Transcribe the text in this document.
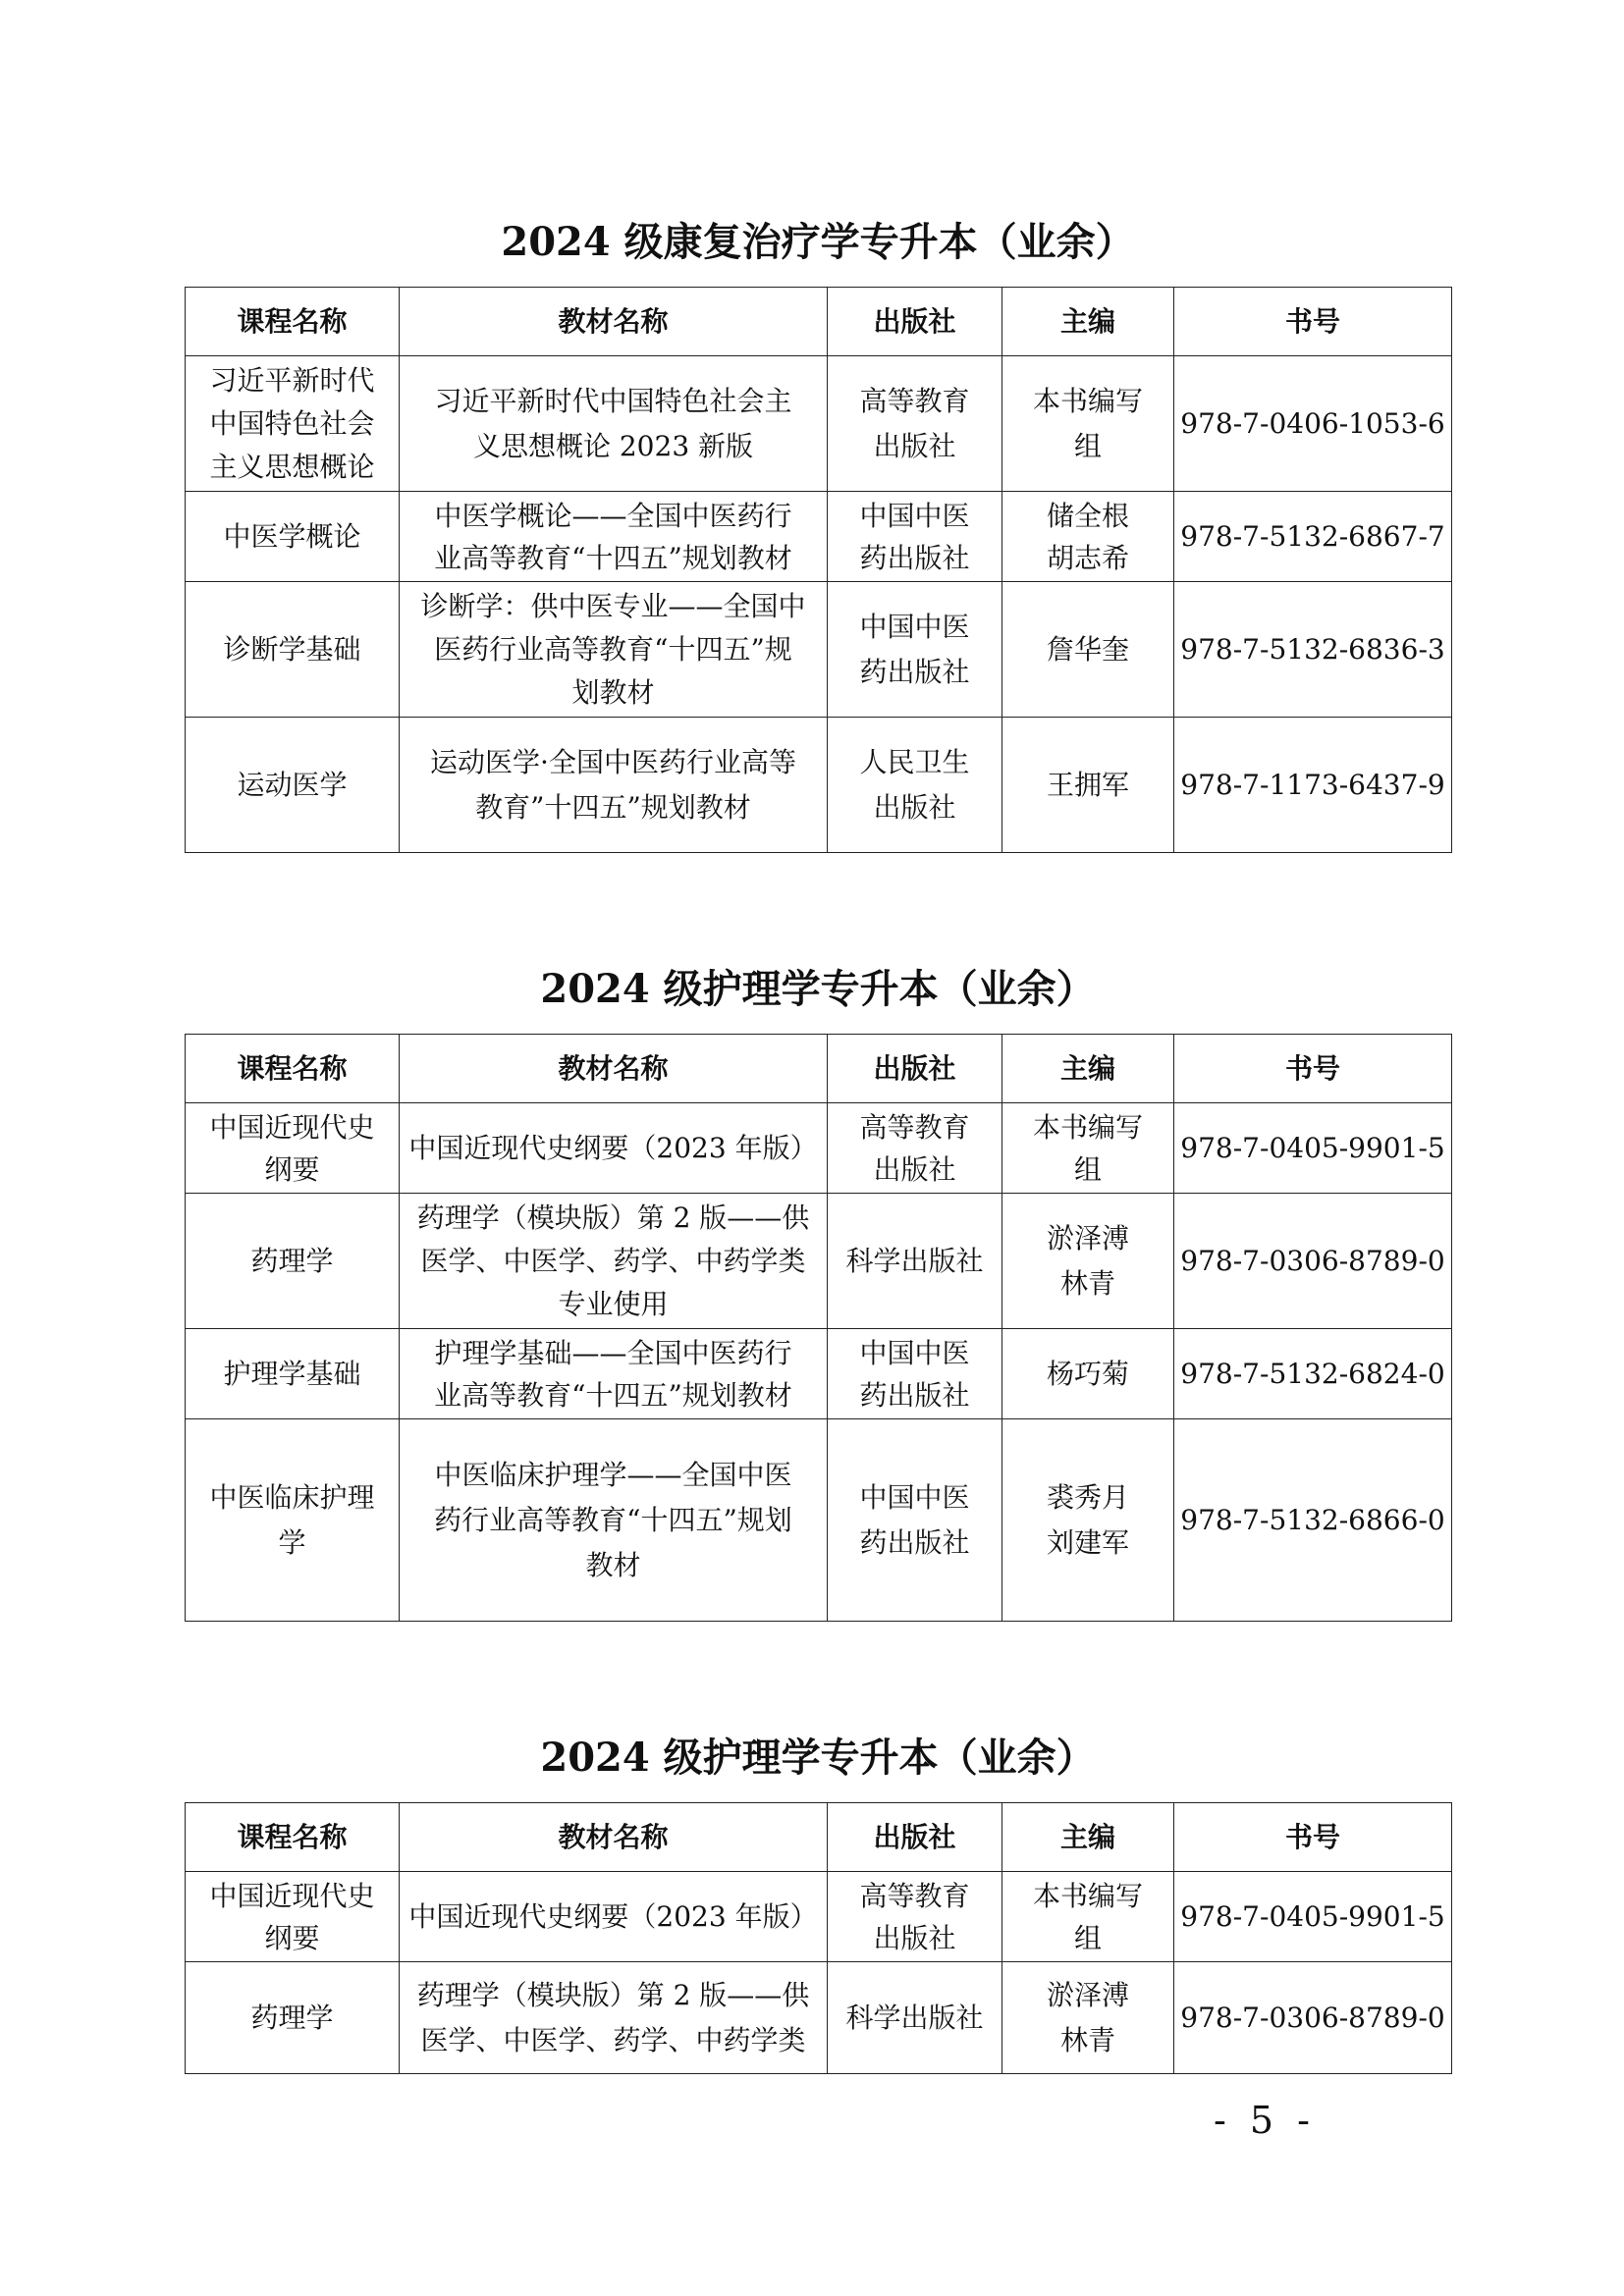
2024 级康复治疗学专升本（业余）
课程名称	教材名称	出版社	主编	书号

习近平新时代
中国特色社会
主义思想概论	习近平新时代中国特色社会主
义思想概论 2023 新版	高等教育
出版社	本书编写
组	978-7-0406-1053-6

中医学概论	中医学概论——全国中医药行
业高等教育“十四五”规划教材	中国中医
药出版社	储全根
胡志希	978-7-5132-6867-7

诊断学基础	诊断学：供中医专业——全国中
医药行业高等教育“十四五”规
划教材	中国中医
药出版社	詹华奎	978-7-5132-6836-3

运动医学	运动医学·全国中医药行业高等
教育”十四五”规划教材	人民卫生
出版社	王拥军	978-7-1173-6437-9
2024 级护理学专升本（业余）
课程名称	教材名称	出版社	主编	书号

中国近现代史
纲要	中国近现代史纲要（2023 年版）	高等教育
出版社	本书编写
组	978-7-0405-9901-5

药理学	药理学（模块版）第 2 版——供
医学、中医学、药学、中药学类
专业使用	科学出版社	淤泽溥
林青	978-7-0306-8789-0

护理学基础	护理学基础——全国中医药行
业高等教育“十四五”规划教材	中国中医
药出版社	杨巧菊	978-7-5132-6824-0

中医临床护理
学	中医临床护理学——全国中医
药行业高等教育“十四五”规划
教材	中国中医
药出版社	裘秀月
刘建军	978-7-5132-6866-0
2024 级护理学专升本（业余）
课程名称	教材名称	出版社	主编	书号

中国近现代史
纲要	中国近现代史纲要（2023 年版）	高等教育
出版社	本书编写
组	978-7-0405-9901-5

药理学	药理学（模块版）第 2 版——供
医学、中医学、药学、中药学类	科学出版社	淤泽溥
林青	978-7-0306-8789-0
- 5 -
